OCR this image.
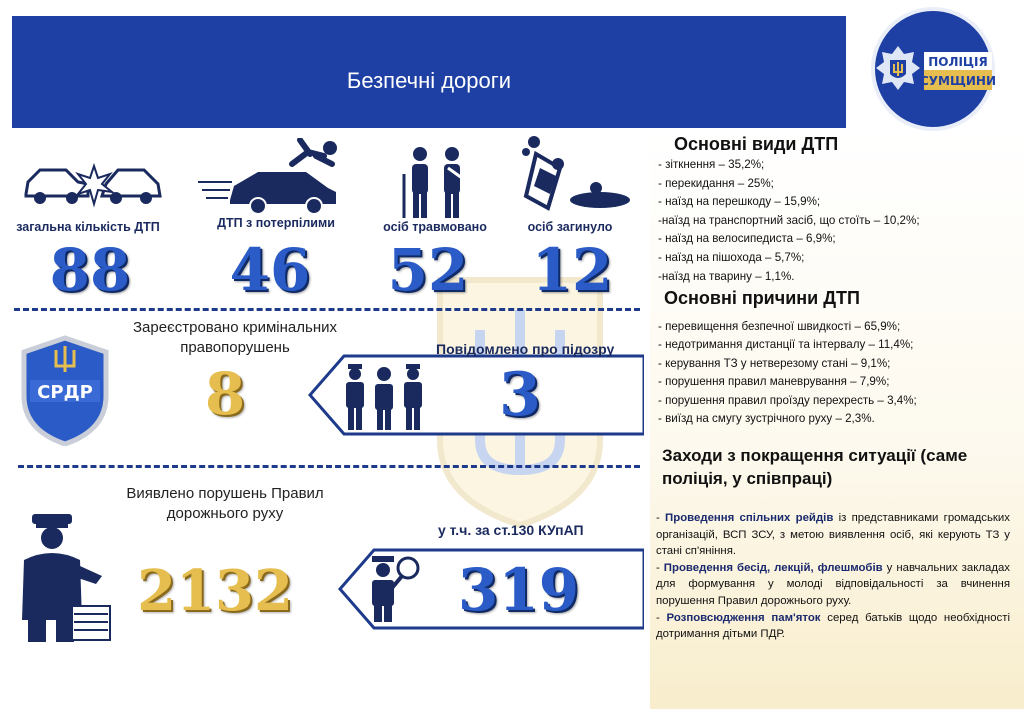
Безпечні дороги
ПОЛІЦІЯ
СУМЩИНИ
загальна кількість ДТП	ДТП з потерпілими	осіб травмовано	осіб загинуло
88	46	52	12
СРДР
Зареєстровано кримінальних правопорушень
8
Повідомлено про підозру
3
Виявлено порушень Правил дорожнього руху
2132
у т.ч. за ст.130 КУпАП
319
Основні види ДТП
- зіткнення – 35,2%;
- перекидання – 25%;
- наїзд на перешкоду – 15,9%;
-наїзд на транспортний засіб, що стоїть – 10,2%;
- наїзд на велосипедиста – 6,9%;
- наїзд на пішохода – 5,7%;
-наїзд на тварину – 1,1%.
Основні причини ДТП
- перевищення безпечної швидкості – 65,9%;
- недотримання дистанції та інтервалу – 11,4%;
- керування ТЗ у нетверезому стані – 9,1%;
- порушення правил маневрування – 7,9%;
- порушення правил проїзду перехресть – 3,4%;
- виїзд на смугу зустрічного руху – 2,3%.
Заходи з покращення ситуації (саме поліція, у співпраці)

- Проведення спільних рейдів із представниками громадських організацій, ВСП ЗСУ, з метою виявлення осіб, які керують ТЗ у стані сп'яніння.

- Проведення бесід, лекцій, флешмобів у навчальних закладах для формування у молоді відповідальності за вчинення порушення Правил дорожнього руху.

- Розповсюдження пам'яток серед батьків щодо необхідності дотримання дітьми ПДР.
